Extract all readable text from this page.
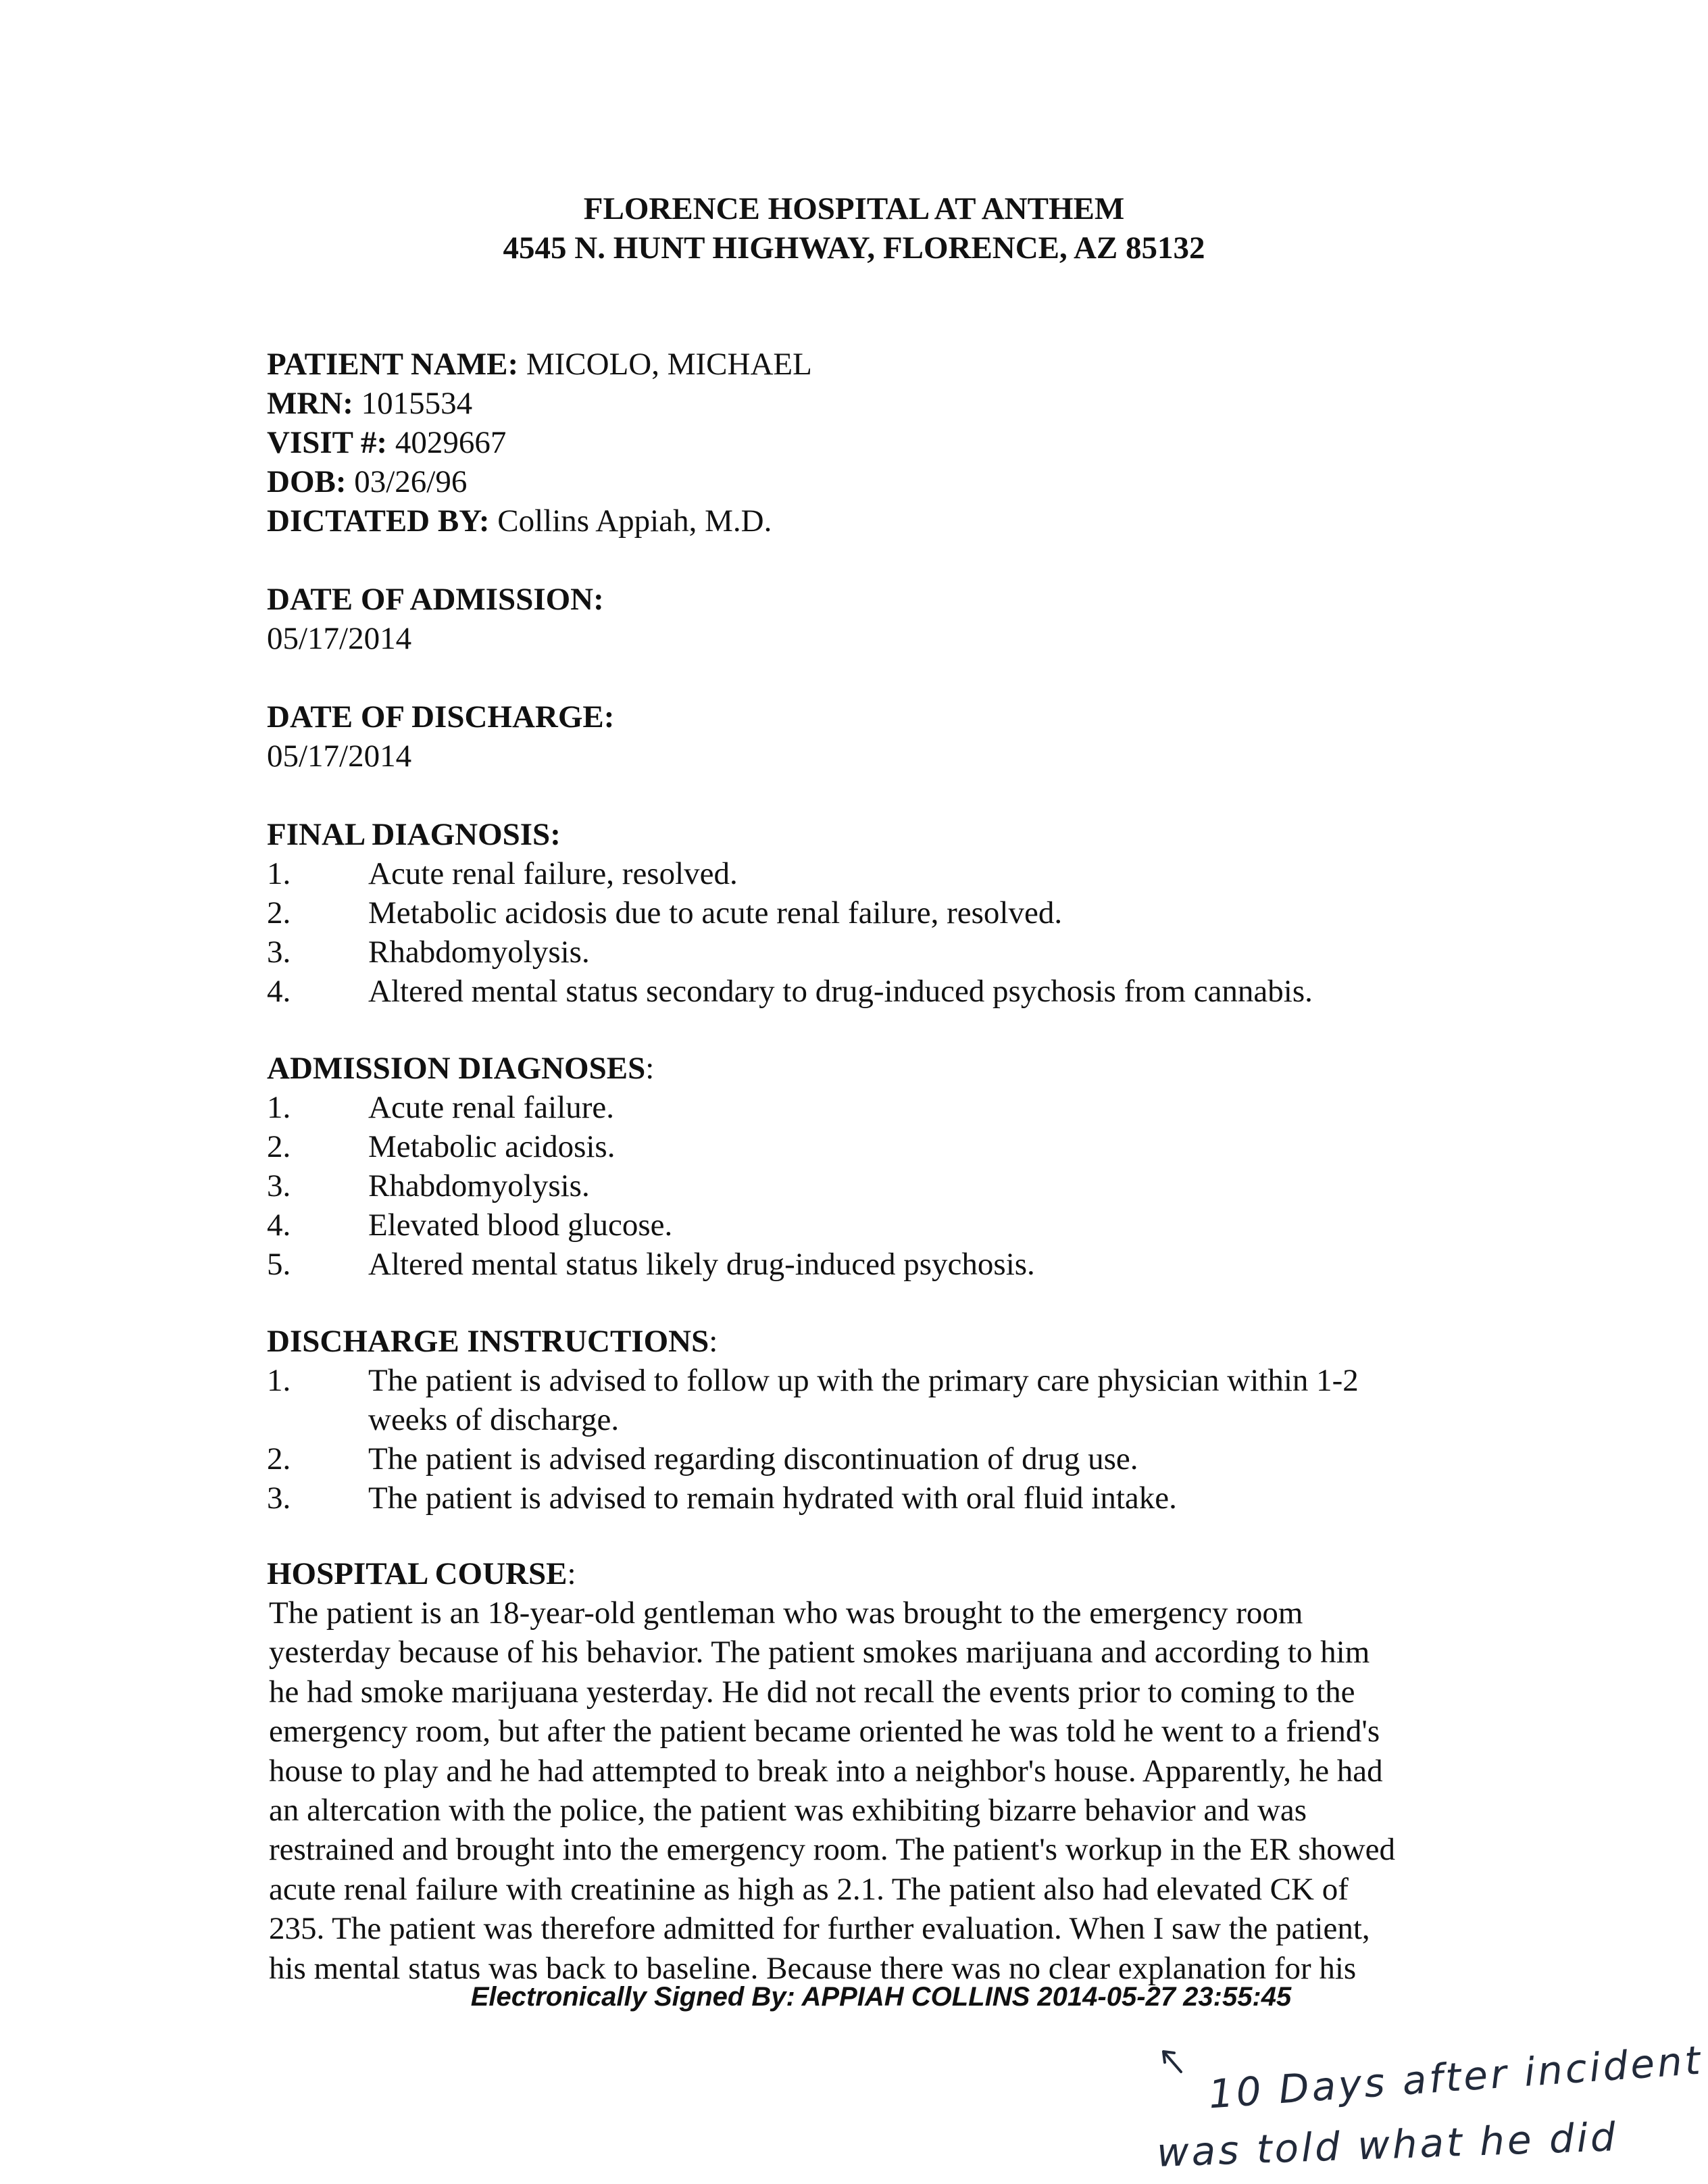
FLORENCE HOSPITAL AT ANTHEM
4545 N. HUNT HIGHWAY, FLORENCE, AZ 85132
PATIENT NAME: MICOLO, MICHAEL
MRN: 1015534
VISIT #: 4029667
DOB: 03/26/96
DICTATED BY: Collins Appiah, M.D.
DATE OF ADMISSION:
05/17/2014
DATE OF DISCHARGE:
05/17/2014
FINAL DIAGNOSIS:
1.	Acute renal failure, resolved.
2.	Metabolic acidosis due to acute renal failure, resolved.
3.	Rhabdomyolysis.
4.	Altered mental status secondary to drug-induced psychosis from cannabis.
ADMISSION DIAGNOSES:
1.	Acute renal failure.
2.	Metabolic acidosis.
3.	Rhabdomyolysis.
4.	Elevated blood glucose.
5.	Altered mental status likely drug-induced psychosis.
DISCHARGE INSTRUCTIONS:
1.	The patient is advised to follow up with the primary care physician within 1-2
weeks of discharge.
2.	The patient is advised regarding discontinuation of drug use.
3.	The patient is advised to remain hydrated with oral fluid intake.
HOSPITAL COURSE:
The patient is an 18-year-old gentleman who was brought to the emergency room
yesterday because of his behavior. The patient smokes marijuana and according to him
he had smoke marijuana yesterday. He did not recall the events prior to coming to the
emergency room, but after the patient became oriented he was told he went to a friend's
house to play and he had attempted to break into a neighbor's house. Apparently, he had
an altercation with the police, the patient was exhibiting bizarre behavior and was
restrained and brought into the emergency room. The patient's workup in the ER showed
acute renal failure with creatinine as high as 2.1. The patient also had elevated CK of
235. The patient was therefore admitted for further evaluation. When I saw the patient,
his mental status was back to baseline. Because there was no clear explanation for his
Electronically Signed By: APPIAH COLLINS 2014-05-27 23:55:45
10 Days after incident
was told what he did
